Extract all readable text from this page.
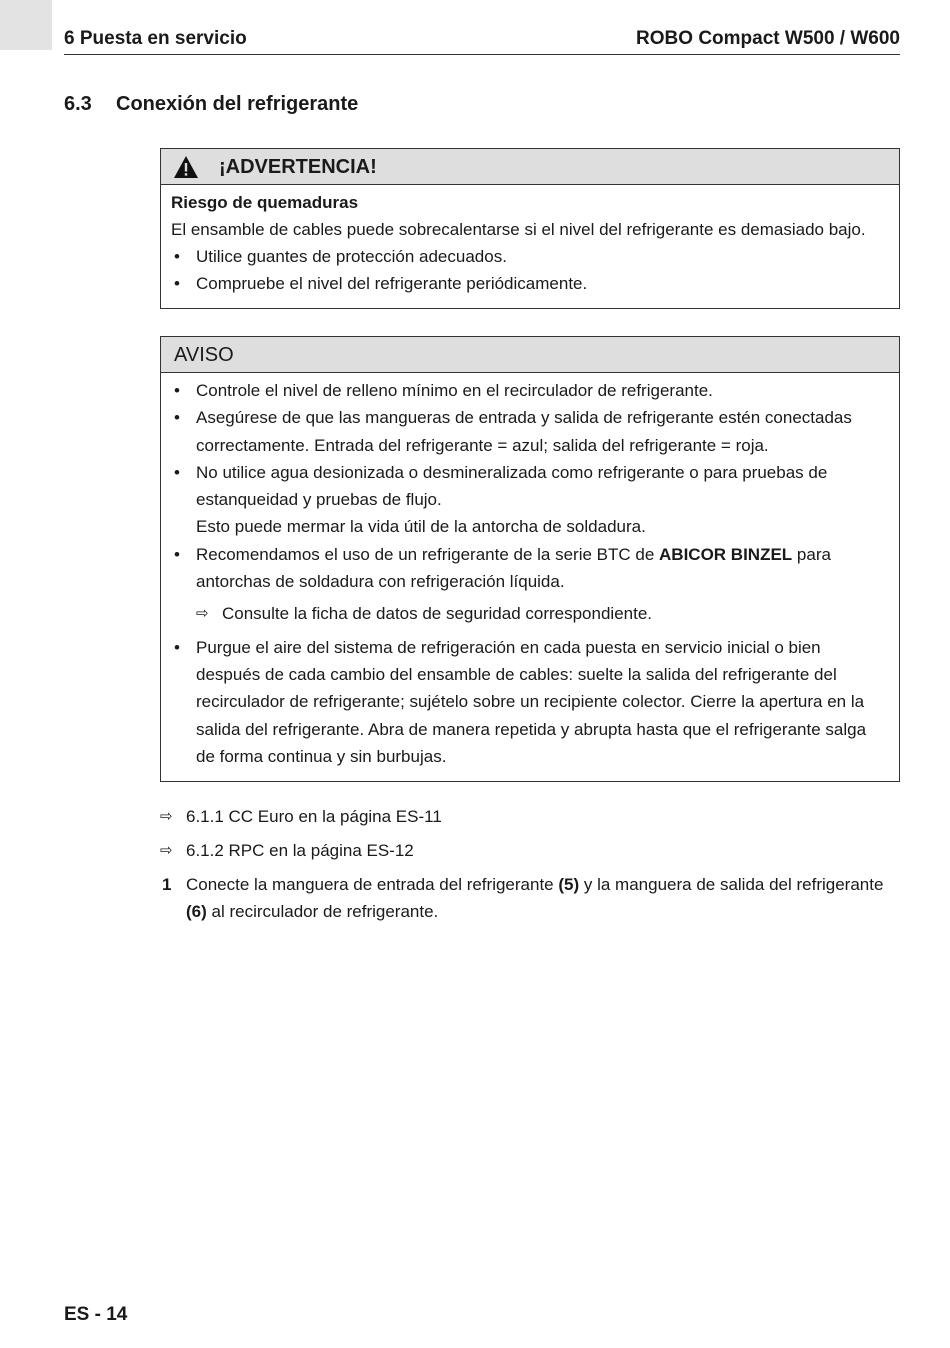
6 Puesta en servicio	ROBO Compact W500 / W600
6.3 Conexión del refrigerante
¡ADVERTENCIA!
Riesgo de quemaduras
El ensamble de cables puede sobrecalentarse si el nivel del refrigerante es demasiado bajo.
• Utilice guantes de protección adecuados.
• Compruebe el nivel del refrigerante periódicamente.
AVISO
• Controle el nivel de relleno mínimo en el recirculador de refrigerante.
• Asegúrese de que las mangueras de entrada y salida de refrigerante estén conectadas correctamente. Entrada del refrigerante = azul; salida del refrigerante = roja.
• No utilice agua desionizada o desmineralizada como refrigerante o para pruebas de estanqueidad y pruebas de flujo.
Esto puede mermar la vida útil de la antorcha de soldadura.
• Recomendamos el uso de un refrigerante de la serie BTC de ABICOR BINZEL para antorchas de soldadura con refrigeración líquida.
⇨ Consulte la ficha de datos de seguridad correspondiente.
• Purgue el aire del sistema de refrigeración en cada puesta en servicio inicial o bien después de cada cambio del ensamble de cables: suelte la salida del refrigerante del recirculador de refrigerante; sujételo sobre un recipiente colector. Cierre la apertura en la salida del refrigerante. Abra de manera repetida y abrupta hasta que el refrigerante salga de forma continua y sin burbujas.
⇨ 6.1.1 CC Euro en la página ES-11
⇨ 6.1.2 RPC en la página ES-12
1 Conecte la manguera de entrada del refrigerante (5) y la manguera de salida del refrigerante (6) al recirculador de refrigerante.
ES - 14
